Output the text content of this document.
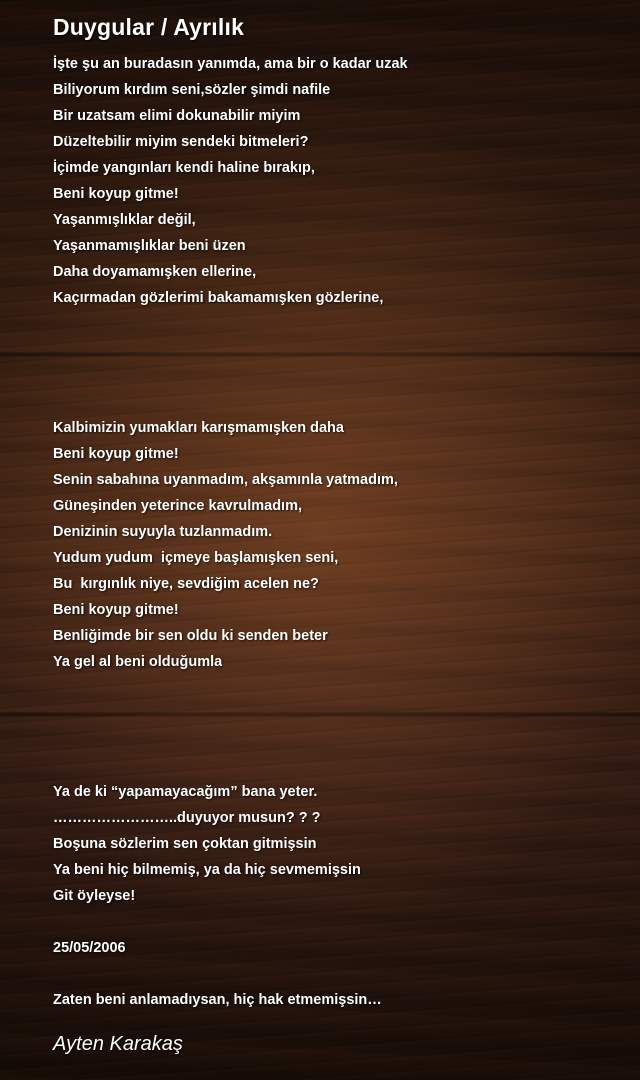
Duygular / Ayrılık
İşte şu an buradasın yanımda, ama bir o kadar uzak
Biliyorum kırdım seni,sözler şimdi nafile
Bir uzatsam elimi dokunabilir miyim
Düzeltebilir miyim sendeki bitmeleri?
İçimde yangınları kendi haline bırakıp,
Beni koyup gitme!
Yaşanmışlıklar değil,
Yaşanmamışlıklar beni üzen
Daha doyamamışken ellerine,
Kaçırmadan gözlerimi bakamamışken gözlerine,
Kalbimizin yumakları karışmamışken daha
Beni koyup gitme!
Senin sabahına uyanmadım, akşamınla yatmadım,
Güneşinden yeterince kavrulmadım,
Denizinin suyuyla tuzlanmadım.
Yudum yudum  içmeye başlamışken seni,
Bu  kırgınlık niye, sevdiğim acelen ne?
Beni koyup gitme!
Benliğimde bir sen oldu ki senden beter
Ya gel al beni olduğumla
Ya de ki “yapamayacağım” bana yeter.
……………………..duyuyor musun? ? ?
Boşuna sözlerim sen çoktan gitmişsin
Ya beni hiç bilmemiş, ya da hiç sevmemişsin
Git öyleyse!
25/05/2006
Zaten beni anlamadıysan, hiç hak etmemişsin…
Ayten Karakaş
